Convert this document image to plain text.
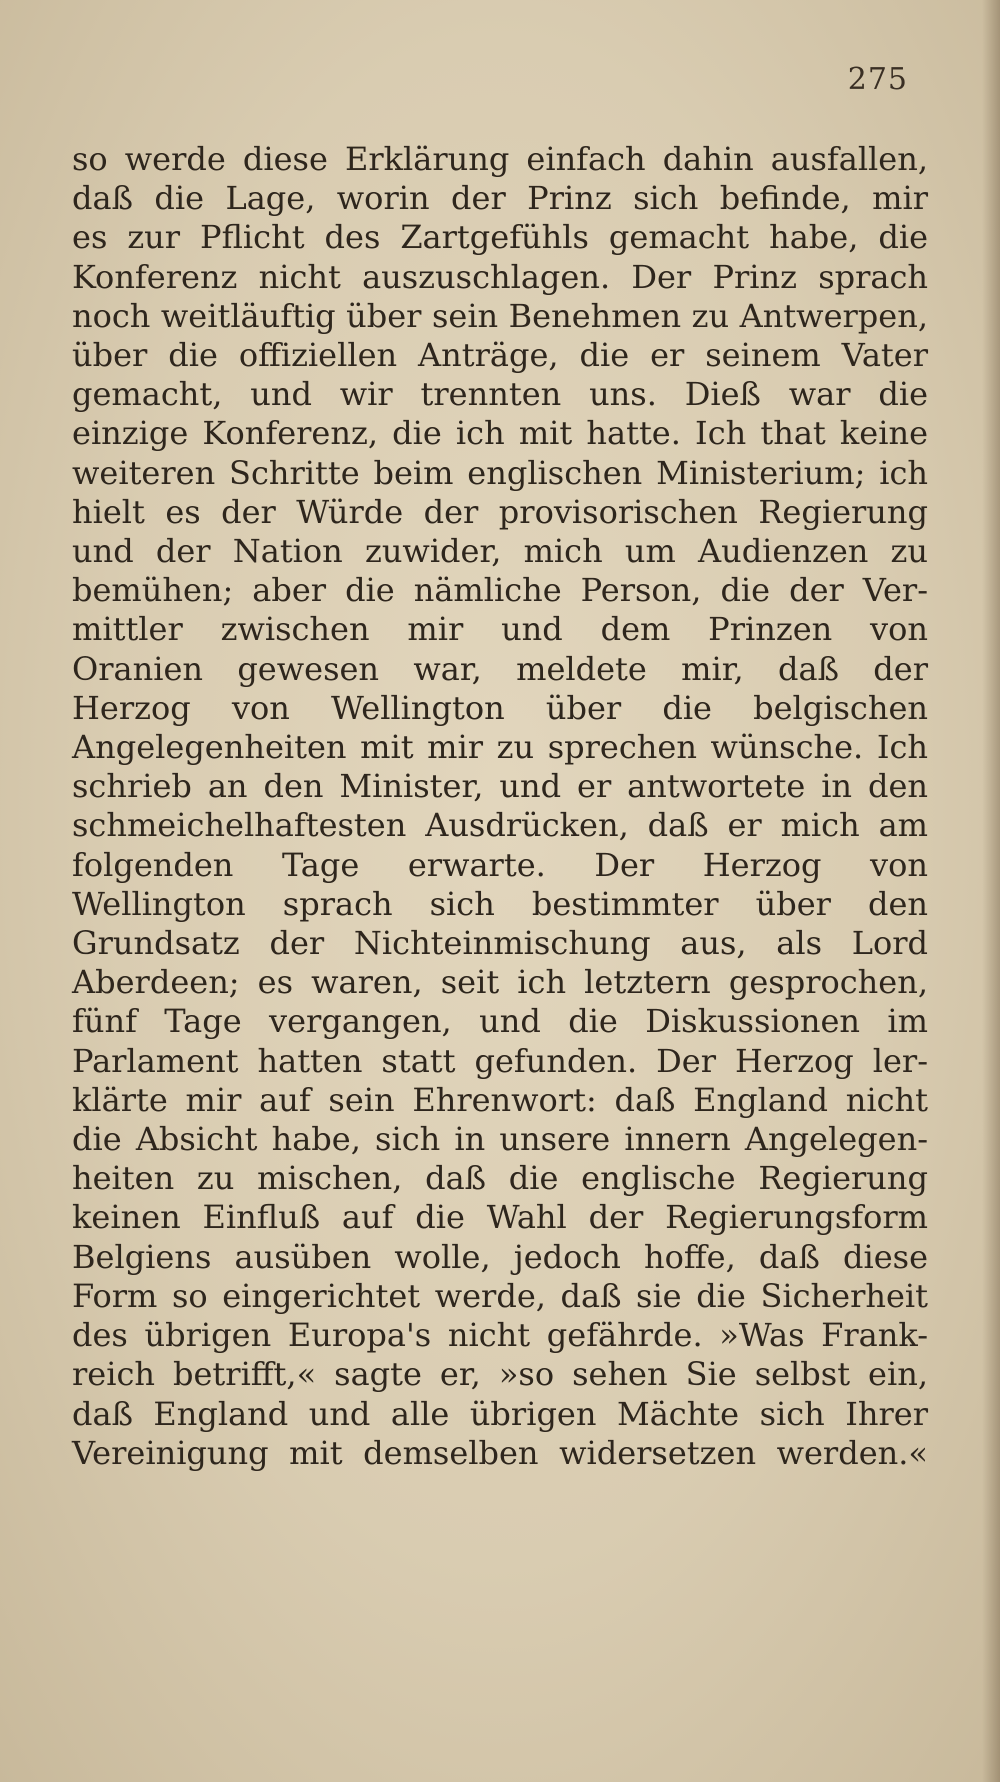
275
so werde diese Erklärung einfach dahin ausfallen,
daß die Lage, worin der Prinz sich befinde, mir
es zur Pflicht des Zartgefühls gemacht habe, die
Konferenz nicht auszuschlagen. Der Prinz sprach
noch weitläuftig über sein Benehmen zu Antwerpen,
über die offiziellen Anträge, die er seinem Vater
gemacht, und wir trennten uns. Dieß war die
einzige Konferenz, die ich mit hatte. Ich that keine
weiteren Schritte beim englischen Ministerium; ich
hielt es der Würde der provisorischen Regierung
und der Nation zuwider, mich um Audienzen zu
bemühen; aber die nämliche Person, die der Ver-
mittler zwischen mir und dem Prinzen von
Oranien gewesen war, meldete mir, daß der
Herzog von Wellington über die belgischen
Angelegenheiten mit mir zu sprechen wünsche. Ich
schrieb an den Minister, und er antwortete in den
schmeichelhaftesten Ausdrücken, daß er mich am
folgenden Tage erwarte. Der Herzog von
Wellington sprach sich bestimmter über den
Grundsatz der Nichteinmischung aus, als Lord
Aberdeen; es waren, seit ich letztern gesprochen,
fünf Tage vergangen, und die Diskussionen im
Parlament hatten statt gefunden. Der Herzog ler-
klärte mir auf sein Ehrenwort: daß England nicht
die Absicht habe, sich in unsere innern Angelegen-
heiten zu mischen, daß die englische Regierung
keinen Einfluß auf die Wahl der Regierungsform
Belgiens ausüben wolle, jedoch hoffe, daß diese
Form so eingerichtet werde, daß sie die Sicherheit
des übrigen Europa's nicht gefährde. »Was Frank-
reich betrifft,« sagte er, »so sehen Sie selbst ein,
daß England und alle übrigen Mächte sich Ihrer
Vereinigung mit demselben widersetzen werden.«
